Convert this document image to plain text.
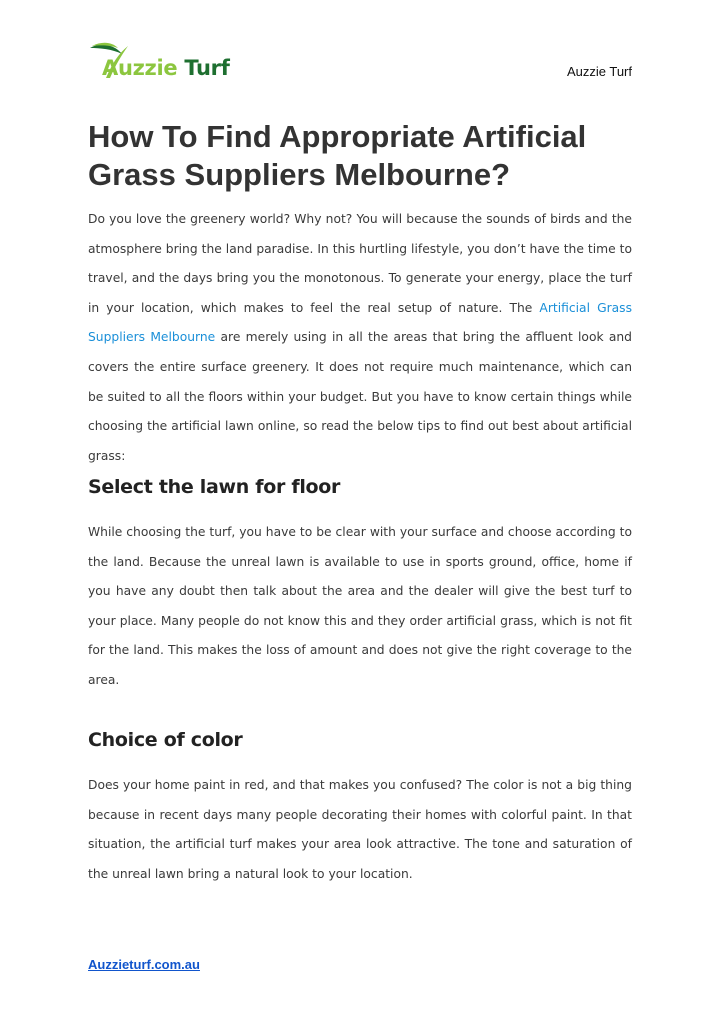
Auzzie Turf	Auzzie Turf
How To Find Appropriate Artificial Grass Suppliers Melbourne?

Do you love the greenery world? Why not? You will because the sounds of birds and the atmosphere bring the land paradise. In this hurtling lifestyle, you don’t have the time to travel, and the days bring you the monotonous. To generate your energy, place the turf in your location, which makes to feel the real setup of nature. The Artificial Grass Suppliers Melbourne are merely using in all the areas that bring the affluent look and covers the entire surface greenery. It does not require much maintenance, which can be suited to all the floors within your budget. But you have to know certain things while choosing the artificial lawn online, so read the below tips to find out best about artificial grass:

Select the lawn for floor

While choosing the turf, you have to be clear with your surface and choose according to the land. Because the unreal lawn is available to use in sports ground, office, home if you have any doubt then talk about the area and the dealer will give the best turf to your place. Many people do not know this and they order artificial grass, which is not fit for the land. This makes the loss of amount and does not give the right coverage to the area.

Choice of color

Does your home paint in red, and that makes you confused? The color is not a big thing because in recent days many people decorating their homes with colorful paint. In that situation, the artificial turf makes your area look attractive. The tone and saturation of the unreal lawn bring a natural look to your location.

Auzzieturf.com.au
